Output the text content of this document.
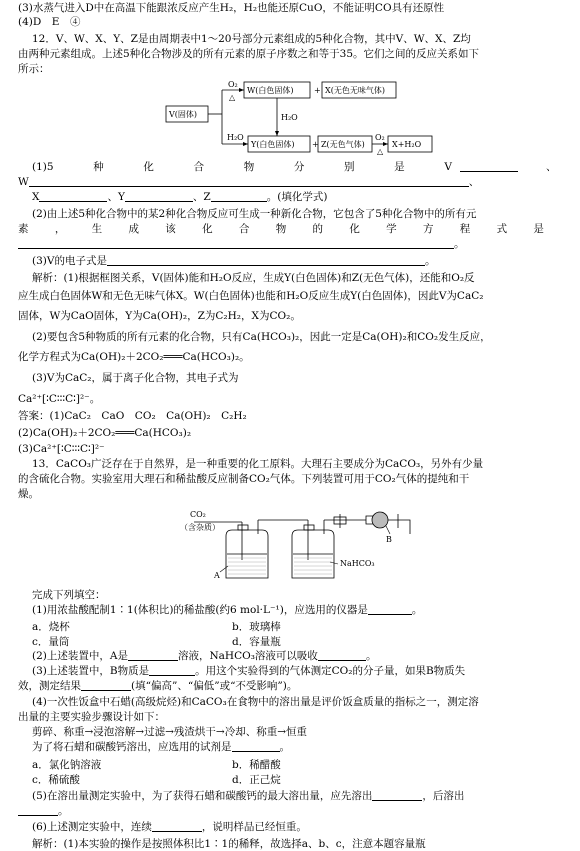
(3)水蒸气进入D中在高温下能跟浓反应产生H₂，H₂也能还原CuO，不能证明CO具有还原性
(4)D　E　④
12．V、W、X、Y、Z是由周期表中1～20号部分元素组成的5种化合物，其中V、W、X、Z均
由两种元素组成。上述5种化合物涉及的所有元素的原子序数之和等于35。它们之间的反应关系如下
所示：
O₂
△
H₂O
H₂O
O₂
△
+
+
V(固体)
W(白色固体)	X(无色无味气体)
Y(白色固体)	Z(无色气体)	X+H₂O
(1)5	种	化	合	物	分	别	是	V	、
W	、
X	、Y	、Z	。(填化学式)
(2)由上述5种化合物中的某2种化合物反应可生成一种新化合物，它包含了5种化合物中的所有元
素	，	生	成	该	化	合	物	的	化	学	方	程	式	是
。
(3)V的电子式是	。
解析：(1)根据框图关系，V(固体)能和H₂O反应，生成Y(白色固体)和Z(无色气体)，还能和O₂反
应生成白色固体W和无色无味气体X。W(白色固体)也能和H₂O反应生成Y(白色固体)，因此V为CaC₂
固体，W为CaO固体，Y为Ca(OH)₂，Z为C₂H₂，X为CO₂。
(2)要包含5种物质的所有元素的化合物，只有Ca(HCO₃)₂，因此一定是Ca(OH)₂和CO₂发生反应，
化学方程式为Ca(OH)₂＋2CO₂═══Ca(HCO₃)₂。
(3)V为CaC₂，属于离子化合物，其电子式为
Ca²⁺[∶C∶∶∶C∶]²⁻。
答案：(1)CaC₂　CaO　CO₂　Ca(OH)₂　C₂H₂
(2)Ca(OH)₂＋2CO₂═══Ca(HCO₃)₂
(3)Ca²⁺[∶C∶∶∶C∶]²⁻
13．CaCO₃广泛存在于自然界，是一种重要的化工原料。大理石主要成分为CaCO₃，另外有少量
的含硫化合物。实验室用大理石和稀盐酸反应制备CO₂气体。下列装置可用于CO₂气体的提纯和干
燥。
CO₂
（含杂质）
A
NaHCO₃
B
完成下列填空：
(1)用浓盐酸配制1∶1(体积比)的稀盐酸(约6 mol·L⁻¹)，应选用的仪器是	。
a．烧杯	b．玻璃棒
c．量筒	d．容量瓶
(2)上述装置中，A是	溶液，NaHCO₃溶液可以吸收	。
(3)上述装置中，B物质是	。用这个实验得到的气体测定CO₂的分子量，如果B物质失
效，测定结果	(填“偏高”、“偏低”或“不受影响”)。
(4)一次性饭盒中石蜡(高级烷烃)和CaCO₃在食物中的溶出量是评价饭盒质量的指标之一，测定溶
出量的主要实验步骤设计如下：
剪碎、称重→浸泡溶解→过滤→残渣烘干→冷却、称重→恒重
为了将石蜡和碳酸钙溶出，应选用的试剂是	。
a．氯化钠溶液	b．稀醋酸
c．稀硫酸	d．正己烷
(5)在溶出量测定实验中，为了获得石蜡和碳酸钙的最大溶出量，应先溶出	，后溶出
。
(6)上述测定实验中，连续	，说明样品已经恒重。
解析：(1)本实验的操作是按照体积比1∶1的稀释，故选择a、b、c，注意本题容量瓶
